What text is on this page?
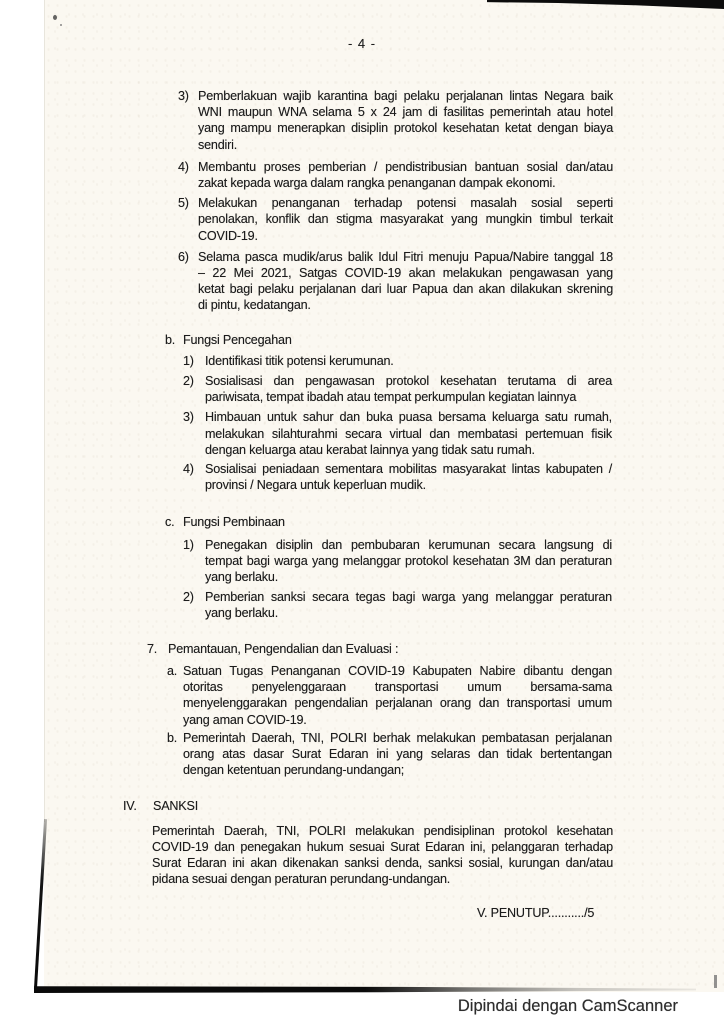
- 4 -
3) Pemberlakuan wajib karantina bagi pelaku perjalanan lintas Negara baik
WNI maupun WNA selama 5 x 24 jam di fasilitas pemerintah atau hotel
yang mampu menerapkan disiplin protokol kesehatan ketat dengan biaya
sendiri.
4) Membantu proses pemberian / pendistribusian bantuan sosial dan/atau
zakat kepada warga dalam rangka penanganan dampak ekonomi.
5) Melakukan penanganan terhadap potensi masalah sosial seperti
penolakan, konflik dan stigma masyarakat yang mungkin timbul terkait
COVID-19.
6) Selama pasca mudik/arus balik Idul Fitri menuju Papua/Nabire tanggal 18
– 22 Mei 2021, Satgas COVID-19 akan melakukan pengawasan yang
ketat bagi pelaku perjalanan dari luar Papua dan akan dilakukan skrening
di pintu, kedatangan.
b. Fungsi Pencegahan
1) Identifikasi titik potensi kerumunan.
2) Sosialisasi dan pengawasan protokol kesehatan terutama di area
pariwisata, tempat ibadah atau tempat perkumpulan kegiatan lainnya
3) Himbauan untuk sahur dan buka puasa bersama keluarga satu rumah,
melakukan silahturahmi secara virtual dan membatasi pertemuan fisik
dengan keluarga atau kerabat lainnya yang tidak satu rumah.
4) Sosialisai peniadaan sementara mobilitas masyarakat lintas kabupaten /
provinsi / Negara untuk keperluan mudik.
c. Fungsi Pembinaan
1) Penegakan disiplin dan pembubaran kerumunan secara langsung di
tempat bagi warga yang melanggar protokol kesehatan 3M dan peraturan
yang berlaku.
2) Pemberian sanksi secara tegas bagi warga yang melanggar peraturan
yang berlaku.
7. Pemantauan, Pengendalian dan Evaluasi :
a. Satuan Tugas Penanganan COVID-19 Kabupaten Nabire dibantu dengan
otoritas penyelenggaraan transportasi umum bersama-sama
menyelenggarakan pengendalian perjalanan orang dan transportasi umum
yang aman COVID-19.
b. Pemerintah Daerah, TNI, POLRI berhak melakukan pembatasan perjalanan
orang atas dasar Surat Edaran ini yang selaras dan tidak bertentangan
dengan ketentuan perundang-undangan;
IV.	SANKSI
Pemerintah Daerah, TNI, POLRI melakukan pendisiplinan protokol kesehatan
COVID-19 dan penegakan hukum sesuai Surat Edaran ini, pelanggaran terhadap
Surat Edaran ini akan dikenakan sanksi denda, sanksi sosial, kurungan dan/atau
pidana sesuai dengan peraturan perundang-undangan.
V. PENUTUP.........../5
Dipindai dengan CamScanner
